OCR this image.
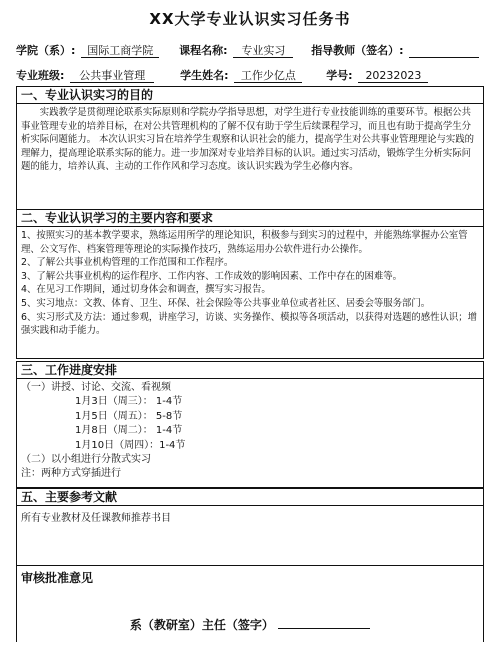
XX大学专业认识实习任务书
学院（系）: 国际工商学院 课程名称: 专业实习 指导教师（签名）:
专业班级: 公共事业管理	学生姓名: 工作少亿点	学号: 20232023
一、专业认识实习的目的
实践教学是贯彻理论联系实际原则和学院办学指导思想，对学生进行专业技能训练的重要环节。根据公共事业管理专业的培养目标，在对公共管理机构的了解不仅有助于学生后续课程学习，而且也有助于提高学生分析实际问题能力。 本次认识实习旨在培养学生观察和认识社会的能力，提高学生对公共事业管理理论与实践的理解力，提高理论联系实际的能力。进一步加深对专业培养目标的认识。通过实习活动，锻炼学生分析实际问题的能力，培养认真、主动的工作作风和学习态度。该认识实践为学生必修内容。
二、专业认识学习的主要内容和要求
1、按照实习的基本教学要求，熟练运用所学的理论知识，积极参与到实习的过程中，并能熟练掌握办公室管理、公文写作、档案管理等理论的实际操作技巧，熟练运用办公软件进行办公操作。
2、了解公共事业机构管理的工作范围和工作程序。
3、了解公共事业机构的运作程序、工作内容、工作成效的影响因素、工作中存在的困难等。
4、在见习工作期间，通过切身体会和调查，撰写实习报告。
5、实习地点：文教、体育、卫生、环保、社会保险等公共事业单位或者社区、居委会等服务部门。
6、实习形式及方法：通过参观，讲座学习，访谈、实务操作、模拟等各项活动，以获得对选题的感性认识；增强实践和动手能力。
三、工作进度安排
（一）讲授、讨论、交流、看视频
1月3日（周三）： 1-4节
1月5日（周五）： 5-8节
1月8日（周二）： 1-4节
1月10日（周四）：1-4节
（二）以小组进行分散式实习
注：两种方式穿插进行
五、主要参考文献
所有专业教材及任课教师推荐书目
审核批准意见
系（教研室）主任（签字）
